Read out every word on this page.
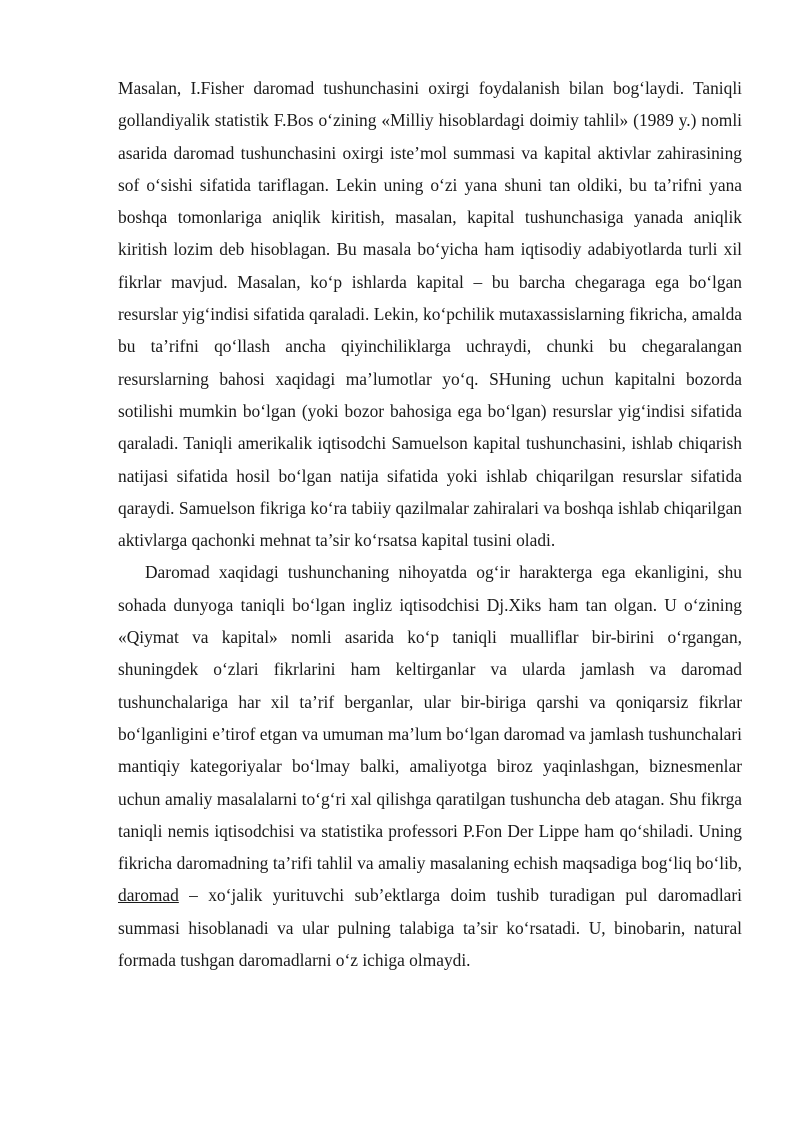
Masalan, I.Fisher daromad tushunchasini oxirgi foydalanish bilan bog‘laydi. Taniqli gollandiyalik statistik F.Bos o‘zining «Milliy hisoblardagi doimiy tahlil» (1989 y.) nomli asarida daromad tushunchasini oxirgi iste’mol summasi va kapital aktivlar zahirasining sof o‘sishi sifatida tariflagan. Lekin uning o‘zi yana shuni tan oldiki, bu ta’rifni yana boshqa tomonlariga aniqlik kiritish, masalan, kapital tushunchasiga yanada aniqlik kiritish lozim deb hisoblagan. Bu masala bo‘yicha ham iqtisodiy adabiyotlarda turli xil fikrlar mavjud. Masalan, ko‘p ishlarda kapital – bu barcha chegaraga ega bo‘lgan resurslar yig‘indisi sifatida qaraladi. Lekin, ko‘pchilik mutaxassislarning fikricha, amalda bu ta’rifni qo‘llash ancha qiyinchiliklarga uchraydi, chunki bu chegaralangan resurslarning bahosi xaqidagi ma’lumotlar yo‘q. SHuning uchun kapitalni bozorda sotilishi mumkin bo‘lgan (yoki bozor bahosiga ega bo‘lgan) resurslar yig‘indisi sifatida qaraladi. Taniqli amerikalik iqtisodchi Samuelson kapital tushunchasini, ishlab chiqarish natijasi sifatida hosil bo‘lgan natija sifatida yoki ishlab chiqarilgan resurslar sifatida qaraydi. Samuelson fikriga ko‘ra tabiiy qazilmalar zahiralari va boshqa ishlab chiqarilgan aktivlarga qachonki mehnat ta’sir ko‘rsatsa kapital tusini oladi.

Daromad xaqidagi tushunchaning nihoyatda og‘ir harakterga ega ekanligini, shu sohada dunyoga taniqli bo‘lgan ingliz iqtisodchisi Dj.Xiks ham tan olgan. U o‘zining «Qiymat va kapital» nomli asarida ko‘p taniqli mualliflar bir-birini o‘rgangan, shuningdek o‘zlari fikrlarini ham keltirganlar va ularda jamlash va daromad tushunchalariga har xil ta’rif berganlar, ular bir-biriga qarshi va qoniqarsiz fikrlar bo‘lganligini e’tirof etgan va umuman ma’lum bo‘lgan daromad va jamlash tushunchalari mantiqiy kategoriyalar bo‘lmay balki, amaliyotga biroz yaqinlashgan, biznesmenlar uchun amaliy masalalarni to‘g‘ri xal qilishga qaratilgan tushuncha deb atagan. Shu fikrga taniqli nemis iqtisodchisi va statistika professori P.Fon Der Lippe ham qo‘shiladi. Uning fikricha daromadning ta’rifi tahlil va amaliy masalaning echish maqsadiga bog‘liq bo‘lib, daromad – xo‘jalik yurituvchi sub’ektlarga doim tushib turadigan pul daromadlari summasi hisoblanadi va ular pulning talabiga ta’sir ko‘rsatadi. U, binobarin, natural formada tushgan daromadlarni o‘z ichiga olmaydi.
